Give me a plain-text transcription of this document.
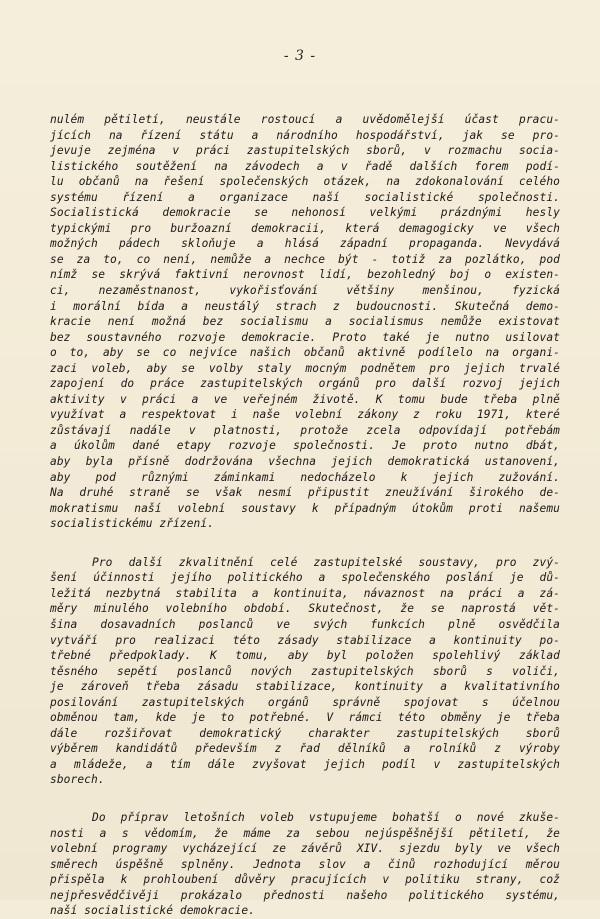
- 3 -
nulém pětiletí, neustále rostoucí a uvědomělejší účast pracu-
jících na řízení státu a národního hospodářství, jak se pro-
jevuje zejména v práci zastupitelských sborů, v rozmachu socia-
listického soutěžení na závodech a v řadě dalších forem podí-
lu občanů na řešení společenských otázek, na zdokonalování celého
systému řízení a organizace naší socialistické společnosti.
Socialistická demokracie se nehonosí velkými prázdnými hesly
typickými pro buržoazní demokracii, která demagogicky ve všech
možných pádech skloňuje a hlásá západní propaganda. Nevydává
se za to, co není, nemůže a nechce být - totiž za pozlátko, pod
nímž se skrývá faktivní nerovnost lidí, bezohledný boj o existen-
ci, nezaměstnanost, vykořisťování většiny menšinou, fyzická
i morální bída a neustálý strach z budoucnosti. Skutečná demo-
kracie není možná bez socialismu a socialismus nemůže existovat
bez soustavného rozvoje demokracie. Proto také je nutno usilovat
o to, aby se co nejvíce našich občanů aktivně podílelo na organi-
zaci voleb, aby se volby staly mocným podnětem pro jejich trvalé
zapojení do práce zastupitelských orgánů pro další rozvoj jejich
aktivity v práci a ve veřejném životě. K tomu bude třeba plně
využívat a respektovat i naše volební zákony z roku 1971, které
zůstávají nadále v platnosti, protože zcela odpovídají potřebám
a úkolům dané etapy rozvoje společnosti. Je proto nutno dbát,
aby byla přísně dodržována všechna jejich demokratická ustanovení,
aby pod různými záminkami nedocházelo k jejich zužování.
Na druhé straně se však nesmí připustit zneužívání širokého de-
mokratismu naší volební soustavy k případným útokům proti našemu
socialistickému zřízení.
Pro další zkvalitnění celé zastupitelské soustavy, pro zvý-
šení účinnosti jejího politického a společenského poslání je dů-
ležitá nezbytná stabilita a kontinuita, návaznost na práci a zá-
měry minulého volebního období. Skutečnost, že se naprostá vět-
šina dosavadních poslanců ve svých funkcích plně osvědčila
vytváří pro realizaci této zásady stabilizace a kontinuity po-
třebné předpoklady. K tomu, aby byl položen spolehlivý základ
těsného sepětí poslanců nových zastupitelských sborů s voliči,
je zároveň třeba zásadu stabilizace, kontinuity a kvalitativního
posilování zastupitelských orgánů správně spojovat s účelnou
obměnou tam, kde je to potřebné. V rámci této obměny je třeba
dále rozšiřovat demokratický charakter zastupitelských sborů
výběrem kandidátů především z řad dělníků a rolníků z výroby
a mládeže, a tím dále zvyšovat jejich podíl v zastupitelských
sborech.
Do příprav letošních voleb vstupujeme bohatší o nové zkuše-
nosti a s vědomím, že máme za sebou nejúspěšnější pětiletí, že
volební programy vycházející ze závěrů XIV. sjezdu byly ve všech
směrech úspěšně splněny. Jednota slov a činů rozhodující měrou
přispěla k prohloubení důvěry pracujících v politiku strany, což
nejpřesvědčivěji prokázalo přednosti našeho politického systému,
naší socialistické demokracie.
